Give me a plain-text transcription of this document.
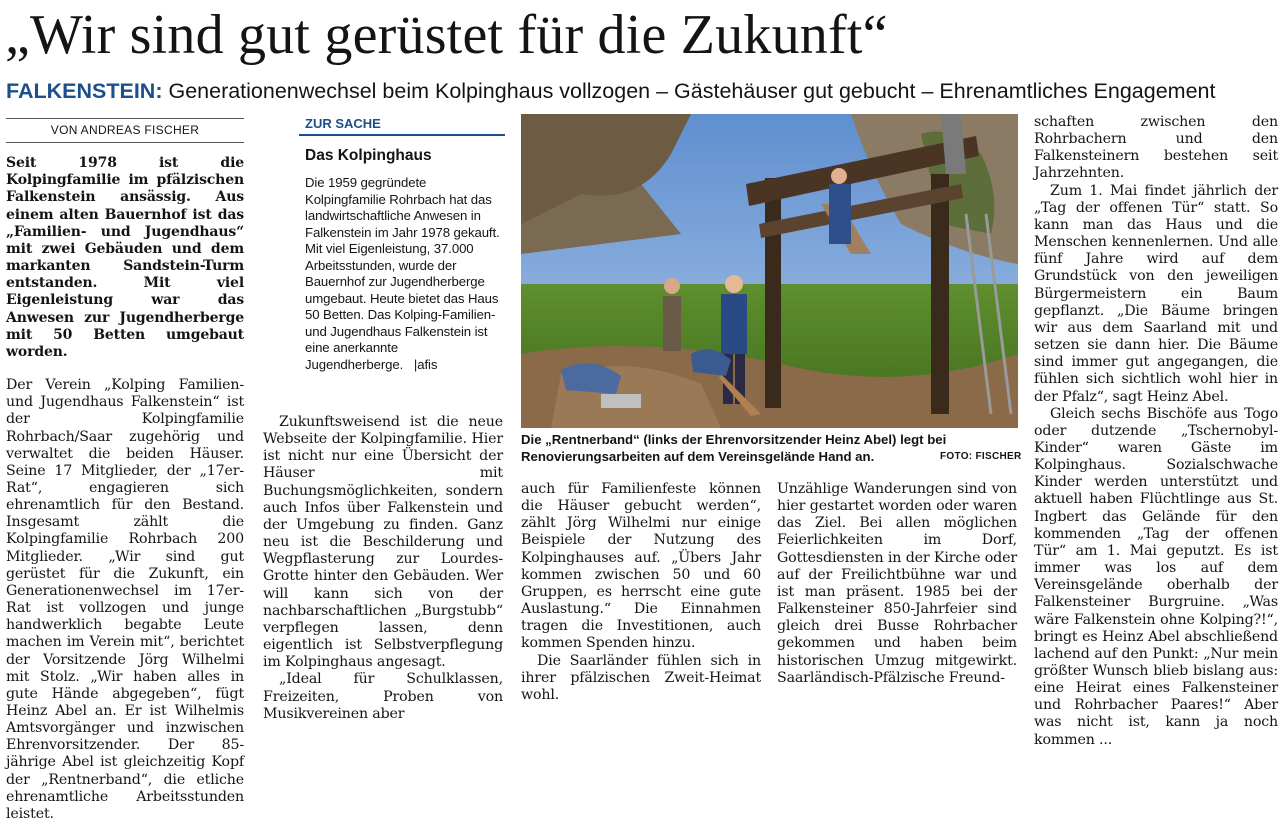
„Wir sind gut gerüstet für die Zukunft“
FALKENSTEIN: Generationenwechsel beim Kolpinghaus vollzogen – Gästehäuser gut gebucht – Ehrenamtliches Engagement
VON ANDREAS FISCHER

Seit 1978 ist die Kolpingfamilie im pfälzischen Falkenstein ansässig. Aus einem alten Bauernhof ist das „Familien- und Jugendhaus“ mit zwei Gebäuden und dem markanten Sandstein-Turm entstanden. Mit viel Eigenleistung war das Anwesen zur Jugendherberge mit 50 Betten umgebaut worden.

Der Verein „Kolping Familien- und Jugendhaus Falkenstein“ ist der Kolpingfamilie Rohrbach/Saar zugehörig und verwaltet die beiden Häuser. Seine 17 Mitglieder, der „17er-Rat“, engagieren sich ehrenamtlich für den Bestand. Insgesamt zählt die Kolpingfamilie Rohrbach 200 Mitglieder. „Wir sind gut gerüstet für die Zukunft, ein Generationenwechsel im 17er-Rat ist vollzogen und junge handwerklich begabte Leute machen im Verein mit“, berichtet der Vorsitzende Jörg Wilhelmi mit Stolz. „Wir haben alles in gute Hände abgegeben“, fügt Heinz Abel an. Er ist Wilhelmis Amtsvorgänger und inzwischen Ehrenvorsitzender. Der 85-jährige Abel ist gleichzeitig Kopf der „Rentnerband“, die etliche ehrenamtliche Arbeitsstunden leistet.

ZUR SACHE
Das Kolpinghaus

Die 1959 gegründete Kolpingfamilie Rohrbach hat das landwirtschaftliche Anwesen in Falkenstein im Jahr 1978 gekauft. Mit viel Eigenleistung, 37.000 Arbeitsstunden, wurde der Bauernhof zur Jugendherberge umgebaut. Heute bietet das Haus 50 Betten. Das Kolping-Familien- und Jugendhaus Falkenstein ist eine anerkannte Jugendherberge. |afis

Zukunftsweisend ist die neue Webseite der Kolpingfamilie. Hier ist nicht nur eine Übersicht der Häuser mit Buchungsmöglichkeiten, sondern auch Infos über Falkenstein und der Umgebung zu finden. Ganz neu ist die Beschilderung und Wegpflasterung zur Lourdes-Grotte hinter den Gebäuden. Wer will kann sich von der nachbarschaftlichen „Burgstubb“ verpflegen lassen, denn eigentlich ist Selbstverpflegung im Kolpinghaus angesagt.

„Ideal für Schulklassen, Freizeiten, Proben von Musikvereinen aber

Die „Rentnerband“ (links der Ehrenvorsitzender Heinz Abel) legt bei Renovierungsarbeiten auf dem Vereinsgelände Hand an.	FOTO: FISCHER

auch für Familienfeste können die Häuser gebucht werden“, zählt Jörg Wilhelmi nur einige Beispiele der Nutzung des Kolpinghauses auf. „Übers Jahr kommen zwischen 50 und 60 Gruppen, es herrscht eine gute Auslastung.“ Die Einnahmen tragen die Investitionen, auch kommen Spenden hinzu.

Die Saarländer fühlen sich in ihrer pfälzischen Zweit-Heimat wohl.

Unzählige Wanderungen sind von hier gestartet worden oder waren das Ziel. Bei allen möglichen Feierlichkeiten im Dorf, Gottesdiensten in der Kirche oder auf der Freilichtbühne war und ist man präsent. 1985 bei der Falkensteiner 850-Jahrfeier sind gleich drei Busse Rohrbacher gekommen und haben beim historischen Umzug mitgewirkt. Saarländisch-Pfälzische Freund-

schaften zwischen den Rohrbachern und den Falkensteinern bestehen seit Jahrzehnten.

Zum 1. Mai findet jährlich der „Tag der offenen Tür“ statt. So kann man das Haus und die Menschen kennenlernen. Und alle fünf Jahre wird auf dem Grundstück von den jeweiligen Bürgermeistern ein Baum gepflanzt. „Die Bäume bringen wir aus dem Saarland mit und setzen sie dann hier. Die Bäume sind immer gut angegangen, die fühlen sich sichtlich wohl hier in der Pfalz“, sagt Heinz Abel.

Gleich sechs Bischöfe aus Togo oder dutzende „Tschernobyl-Kinder“ waren Gäste im Kolpinghaus. Sozialschwache Kinder werden unterstützt und aktuell haben Flüchtlinge aus St. Ingbert das Gelände für den kommenden „Tag der offenen Tür“ am 1. Mai geputzt. Es ist immer was los auf dem Vereinsgelände oberhalb der Falkensteiner Burgruine. „Was wäre Falkenstein ohne Kolping?!“, bringt es Heinz Abel abschließend lachend auf den Punkt: „Nur mein größter Wunsch blieb bislang aus: eine Heirat eines Falkensteiner und Rohrbacher Paares!“ Aber was nicht ist, kann ja noch kommen ...
